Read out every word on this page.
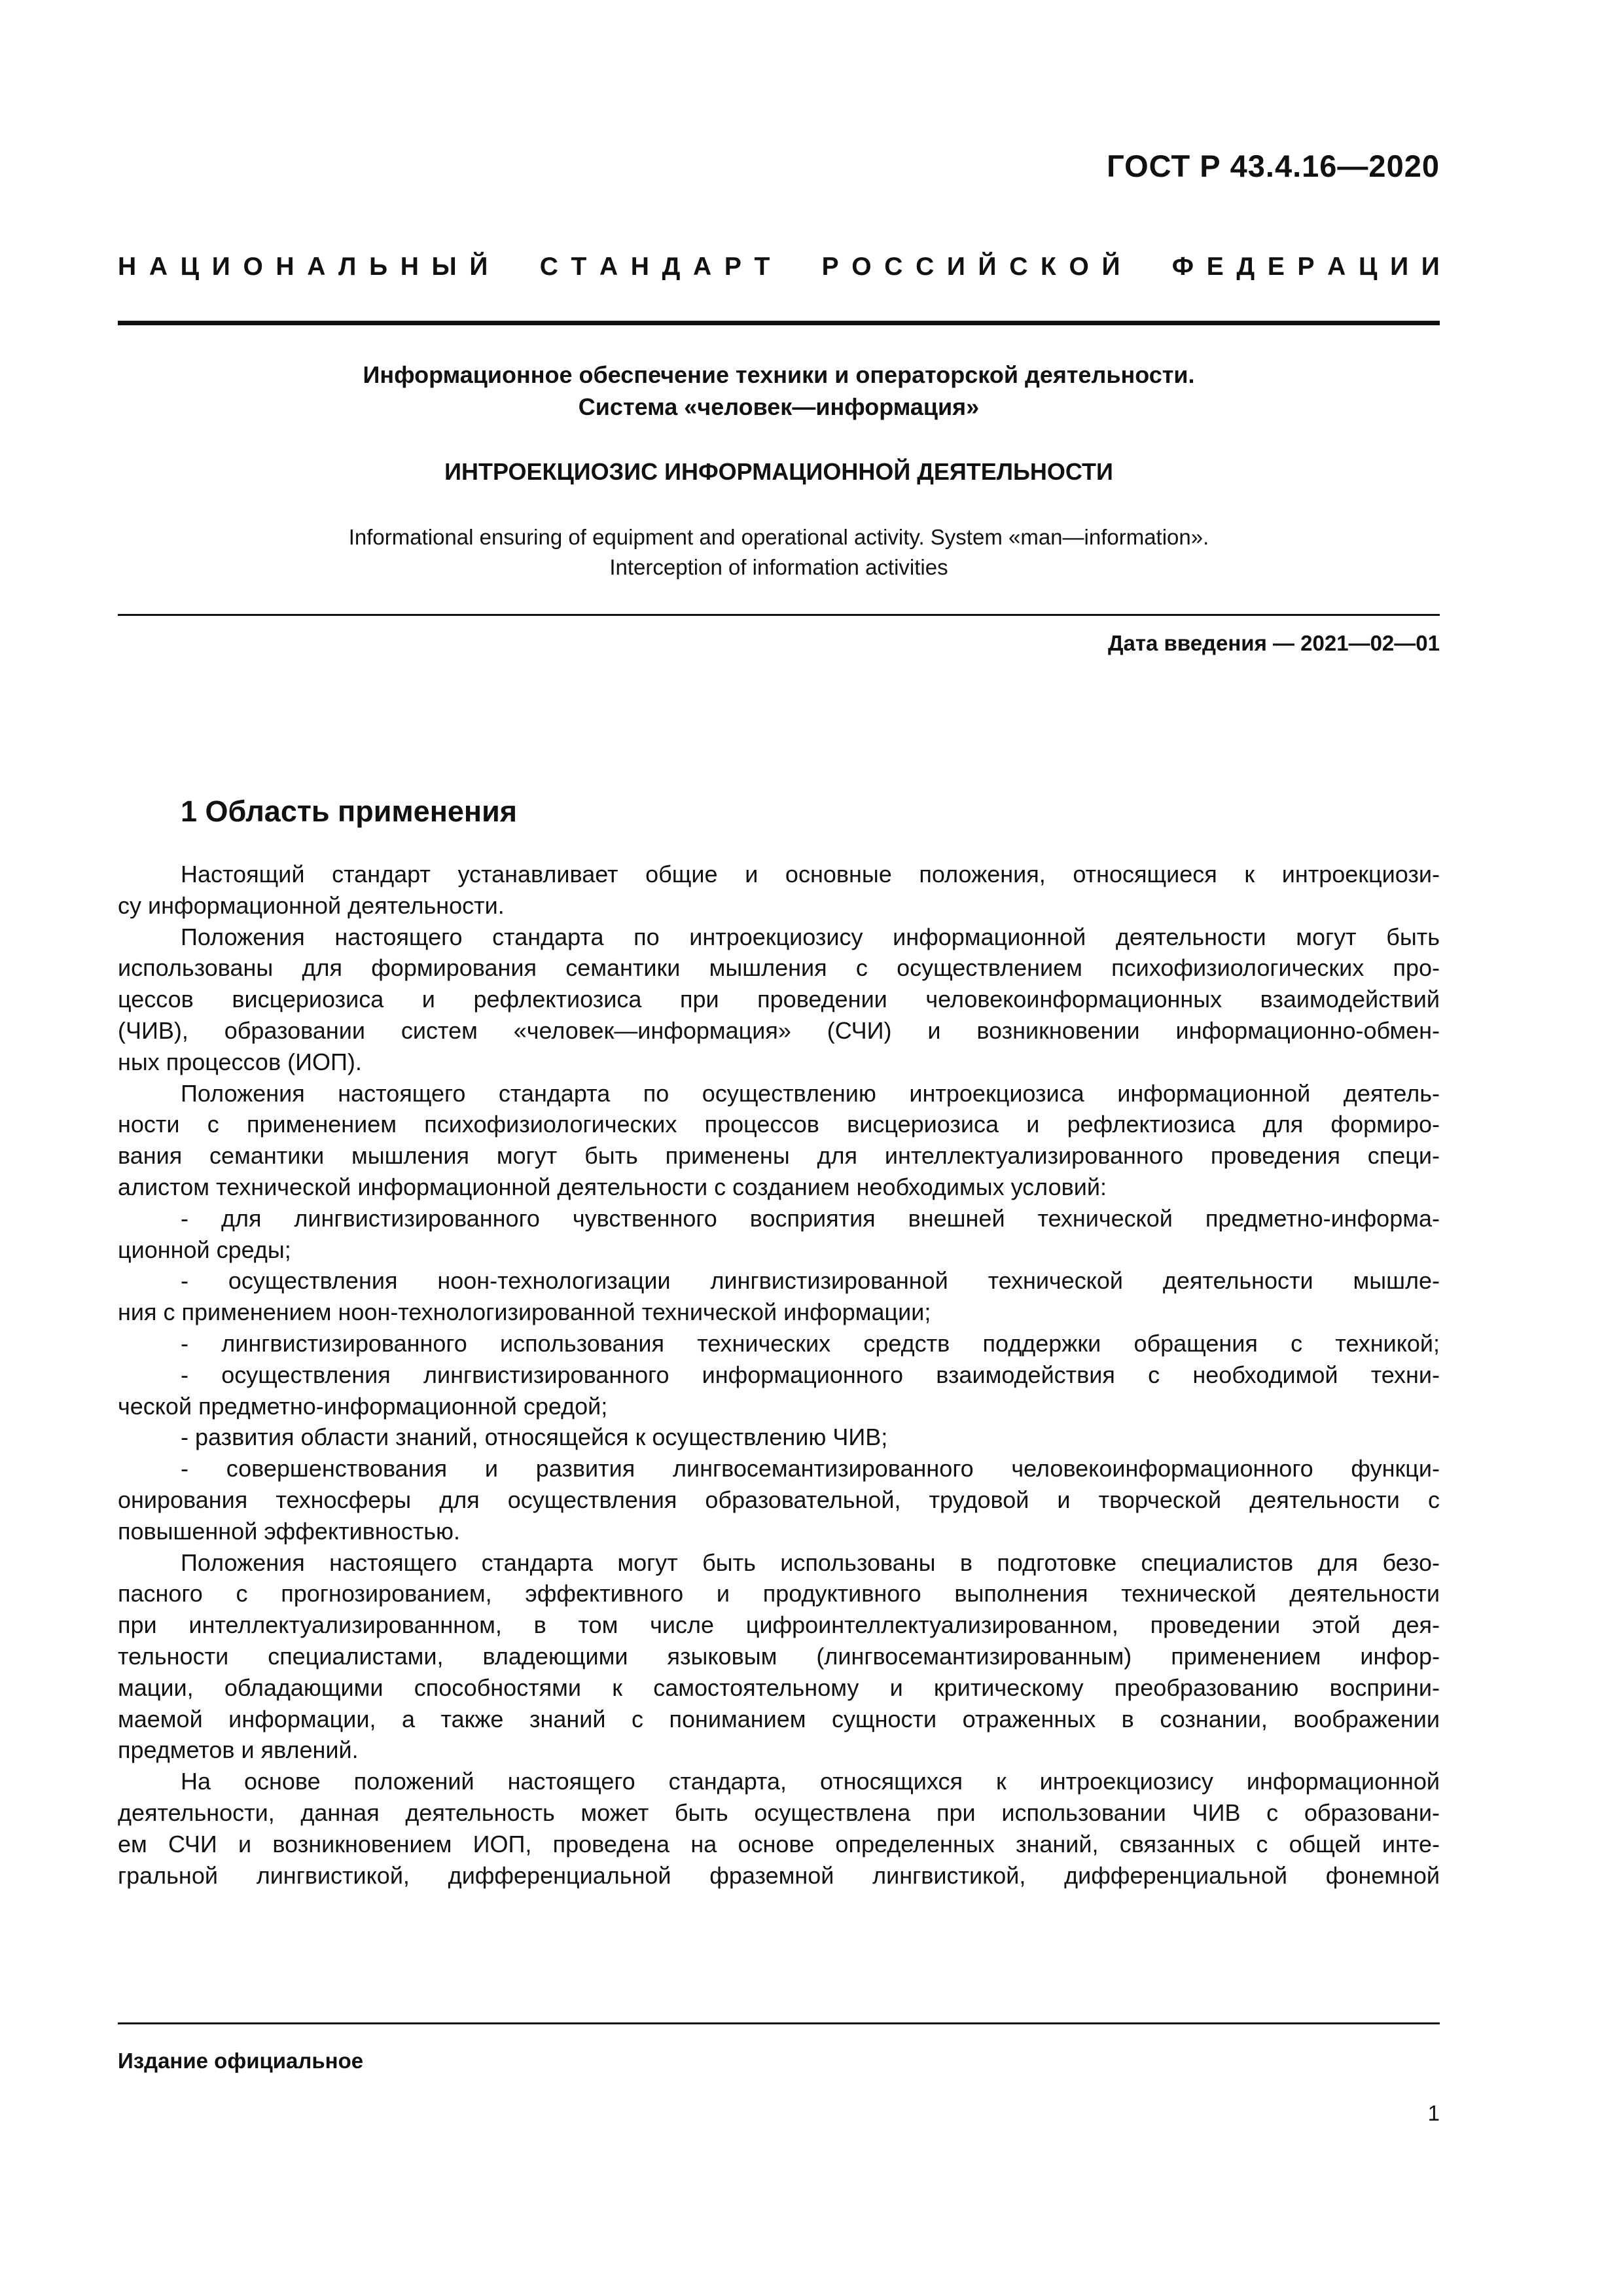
ГОСТ Р 43.4.16—2020
Н А Ц И О Н А Л Ь Н Ы Й С Т А Н Д А Р Т Р О С С И Й С К О Й Ф Е Д Е Р А Ц И И
Информационное обеспечение техники и операторской деятельности.
Система «человек—информация»
ИНТРОЕКЦИОЗИС ИНФОРМАЦИОННОЙ ДЕЯТЕЛЬНОСТИ
Informational ensuring of equipment and operational activity. System «man—information».
Interception of information activities
Дата введения — 2021—02—01
1 Область применения
Настоящий стандарт устанавливает общие и основные положения, относящиеся к интроекциози-
су информационной деятельности.
Положения настоящего стандарта по интроекциозису информационной деятельности могут быть
использованы для формирования семантики мышления с осуществлением психофизиологических про-
цессов висцериозиса и рефлектиозиса при проведении человекоинформационных взаимодействий
(ЧИВ), образовании систем «человек—информация» (СЧИ) и возникновении информационно-обмен-
ных процессов (ИОП).
Положения настоящего стандарта по осуществлению интроекциозиса информационной деятель-
ности с применением психофизиологических процессов висцериозиса и рефлектиозиса для формиро-
вания семантики мышления могут быть применены для интеллектуализированного проведения специ-
алистом технической информационной деятельности с созданием необходимых условий:
- для лингвистизированного чувственного восприятия внешней технической предметно-информа-
ционной среды;
- осуществления ноон-технологизации лингвистизированной технической деятельности мышле-
ния с применением ноон-технологизированной технической информации;
- лингвистизированного использования технических средств поддержки обращения с техникой;
- осуществления лингвистизированного информационного взаимодействия с необходимой техни-
ческой предметно-информационной средой;
- развития области знаний, относящейся к осуществлению ЧИВ;
- совершенствования и развития лингвосемантизированного человекоинформационного функци-
онирования техносферы для осуществления образовательной, трудовой и творческой деятельности с
повышенной эффективностью.
Положения настоящего стандарта могут быть использованы в подготовке специалистов для безо-
пасного с прогнозированием, эффективного и продуктивного выполнения технической деятельности
при интеллектуализированнном, в том числе цифроинтеллектуализированном, проведении этой дея-
тельности специалистами, владеющими языковым (лингвосемантизированным) применением инфор-
мации, обладающими способностями к самостоятельному и критическому преобразованию восприни-
маемой информации, а также знаний с пониманием сущности отраженных в сознании, воображении
предметов и явлений.
На основе положений настоящего стандарта, относящихся к интроекциозису информационной
деятельности, данная деятельность может быть осуществлена при использовании ЧИВ с образовани-
ем СЧИ и возникновением ИОП, проведена на основе определенных знаний, связанных с общей инте-
гральной лингвистикой, дифференциальной фраземной лингвистикой, дифференциальной фонемной
Издание официальное
1
